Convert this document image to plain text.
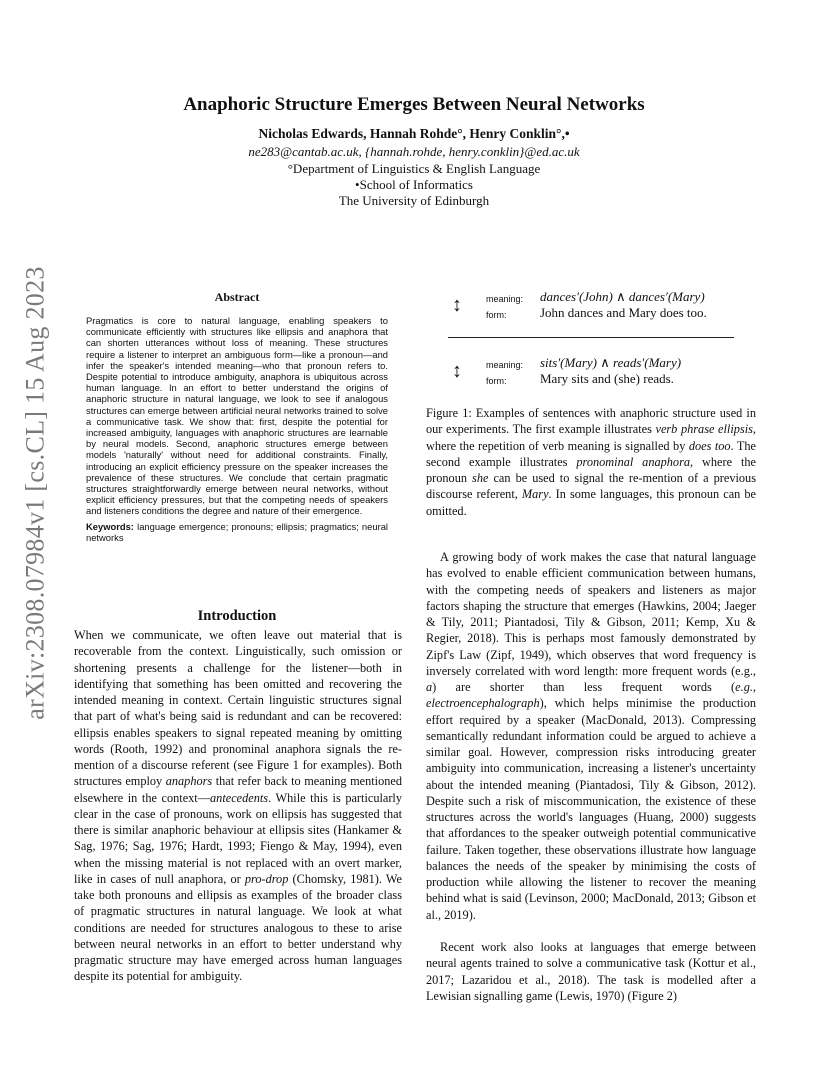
arXiv:2308.07984v1 [cs.CL] 15 Aug 2023
Anaphoric Structure Emerges Between Neural Networks
Nicholas Edwards, Hannah Rohde°, Henry Conklin°,•
ne283@cantab.ac.uk, {hannah.rohde, henry.conklin}@ed.ac.uk
°Department of Linguistics & English Language
•School of Informatics
The University of Edinburgh
Abstract

Pragmatics is core to natural language, enabling speakers to communicate efficiently with structures like ellipsis and anaphora that can shorten utterances without loss of meaning. These structures require a listener to interpret an ambiguous form—like a pronoun—and infer the speaker's intended meaning—who that pronoun refers to. Despite potential to introduce ambiguity, anaphora is ubiquitous across human language. In an effort to better understand the origins of anaphoric structure in natural language, we look to see if analogous structures can emerge between artificial neural networks trained to solve a communicative task. We show that: first, despite the potential for increased ambiguity, languages with anaphoric structures are learnable by neural models. Second, anaphoric structures emerge between models 'naturally' without need for additional constraints. Finally, introducing an explicit efficiency pressure on the speaker increases the prevalence of these structures. We conclude that certain pragmatic structures straightforwardly emerge between neural networks, without explicit efficiency pressures, but that the competing needs of speakers and listeners conditions the degree and nature of their emergence.

Keywords: language emergence; pronouns; ellipsis; pragmatics; neural networks

↕	meaning:
form:
dances′(John) ∧ dances′(Mary)
John dances and Mary does too.
↕	meaning:
form:
sits′(Mary) ∧ reads′(Mary)
Mary sits and (she) reads.

Figure 1: Examples of sentences with anaphoric structure used in our experiments. The first example illustrates verb phrase ellipsis, where the repetition of verb meaning is signalled by does too. The second example illustrates pronominal anaphora, where the pronoun she can be used to signal the re-mention of a previous discourse referent, Mary. In some languages, this pronoun can be omitted.

Introduction

When we communicate, we often leave out material that is recoverable from the context. Linguistically, such omission or shortening presents a challenge for the listener—both in identifying that something has been omitted and recovering the intended meaning in context. Certain linguistic structures signal that part of what's being said is redundant and can be recovered: ellipsis enables speakers to signal repeated meaning by omitting words (Rooth, 1992) and pronominal anaphora signals the re-mention of a discourse referent (see Figure 1 for examples). Both structures employ anaphors that refer back to meaning mentioned elsewhere in the context—antecedents. While this is particularly clear in the case of pronouns, work on ellipsis has suggested that there is similar anaphoric behaviour at ellipsis sites (Hankamer & Sag, 1976; Sag, 1976; Hardt, 1993; Fiengo & May, 1994), even when the missing material is not replaced with an overt marker, like in cases of null anaphora, or pro-drop (Chomsky, 1981). We take both pronouns and ellipsis as examples of the broader class of pragmatic structures in natural language. We look at what conditions are needed for structures analogous to these to arise between neural networks in an effort to better understand why pragmatic structure may have emerged across human languages despite its potential for ambiguity.

A growing body of work makes the case that natural language has evolved to enable efficient communication between humans, with the competing needs of speakers and listeners as major factors shaping the structure that emerges (Hawkins, 2004; Jaeger & Tily, 2011; Piantadosi, Tily & Gibson, 2011; Kemp, Xu & Regier, 2018). This is perhaps most famously demonstrated by Zipf's Law (Zipf, 1949), which observes that word frequency is inversely correlated with word length: more frequent words (e.g., a) are shorter than less frequent words (e.g., electroencephalograph), which helps minimise the production effort required by a speaker (MacDonald, 2013). Compressing semantically redundant information could be argued to achieve a similar goal. However, compression risks introducing greater ambiguity into communication, increasing a listener's uncertainty about the intended meaning (Piantadosi, Tily & Gibson, 2012). Despite such a risk of miscommunication, the existence of these structures across the world's languages (Huang, 2000) suggests that affordances to the speaker outweigh potential communicative failure. Taken together, these observations illustrate how language balances the needs of the speaker by minimising the costs of production while allowing the listener to recover the meaning behind what is said (Levinson, 2000; MacDonald, 2013; Gibson et al., 2019).

Recent work also looks at languages that emerge between neural agents trained to solve a communicative task (Kottur et al., 2017; Lazaridou et al., 2018). The task is modelled after a Lewisian signalling game (Lewis, 1970) (Figure 2)
